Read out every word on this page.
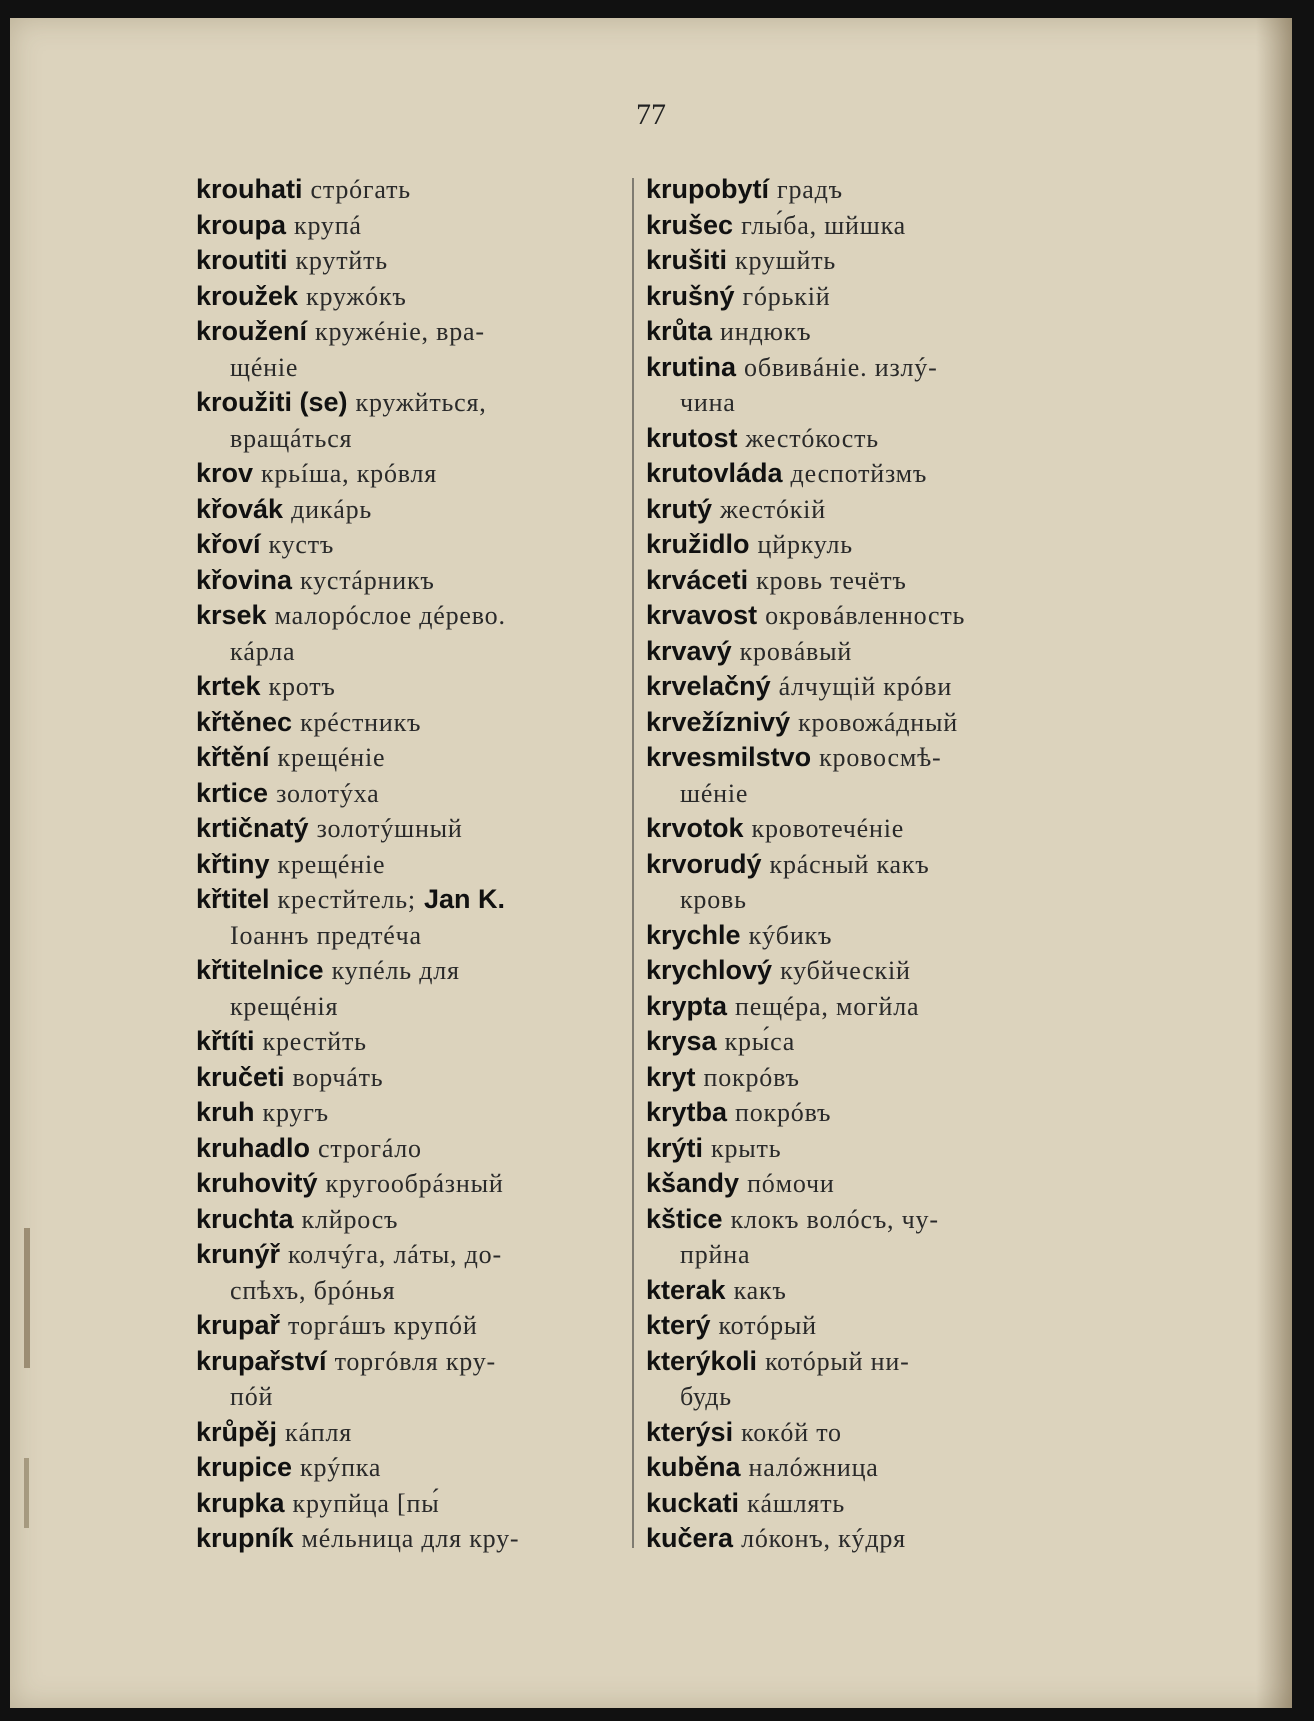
77
krouhati стрóгать
kroupa крупá
kroutiti крутйть
kroužek кружóкъ
kroužení кружéніе, вра-
щéніе
kroužiti (se) кружйться,
вращáться
krov крьíша, крóвля
křovák дикáрь
křoví кустъ
křovina кустáрникъ
krsek малорóслое дéрево.
кáрла
krtek кротъ
křtěnec крéстникъ
křtění крещéніе
krtice золотýха
krtičnatý золотýшный
křtiny крещéніе
křtitel крестйтель; Jan K.
Іоаннъ предтéча
křtitelnice купéль для
крещéнія
křtíti крестйть
kručeti ворчáть
kruh кругъ
kruhadlo строгáло
kruhovitý кругообрáзный
kruchta клйросъ
krunýř колчýга, лáты, до-
спѣхъ, брóнья
krupař торгáшъ крупóй
krupařství торгóвля кру-
пóй
krůpěj кáпля
krupice крýпка
krupka крупйца [пы́
krupník мéльница для кру-
krupobytí градъ
krušec глы́ба, шйшка
krušiti крушйть
krušný гóрькій
krůta индюкъ
krutina обвивáніе. излý-
чина
krutost жестóкость
krutovláda деспотйзмъ
krutý жестóкій
kružidlo цйркуль
krváceti кровь течётъ
krvavost окровáвленность
krvavý кровáвый
krvelačný áлчущій крóви
krvežíznivý кровожáдный
krvesmilstvo кровосмѣ-
шéніе
krvotok кровотечéніе
krvorudý крáсный какъ
кровь
krychle кýбикъ
krychlový кубйческій
krypta пещéра, могйла
krysa кры́са
kryt покрóвъ
krytba покрóвъ
krýti крыть
kšandy пóмочи
kštice клокъ волóсъ, чу-
прйна
kterak какъ
který котóрый
kterýkoli котóрый ни-
будь
kterýsi кокóй то
kuběna налóжница
kuckati кáшлять
kučera лóконъ, кýдря
